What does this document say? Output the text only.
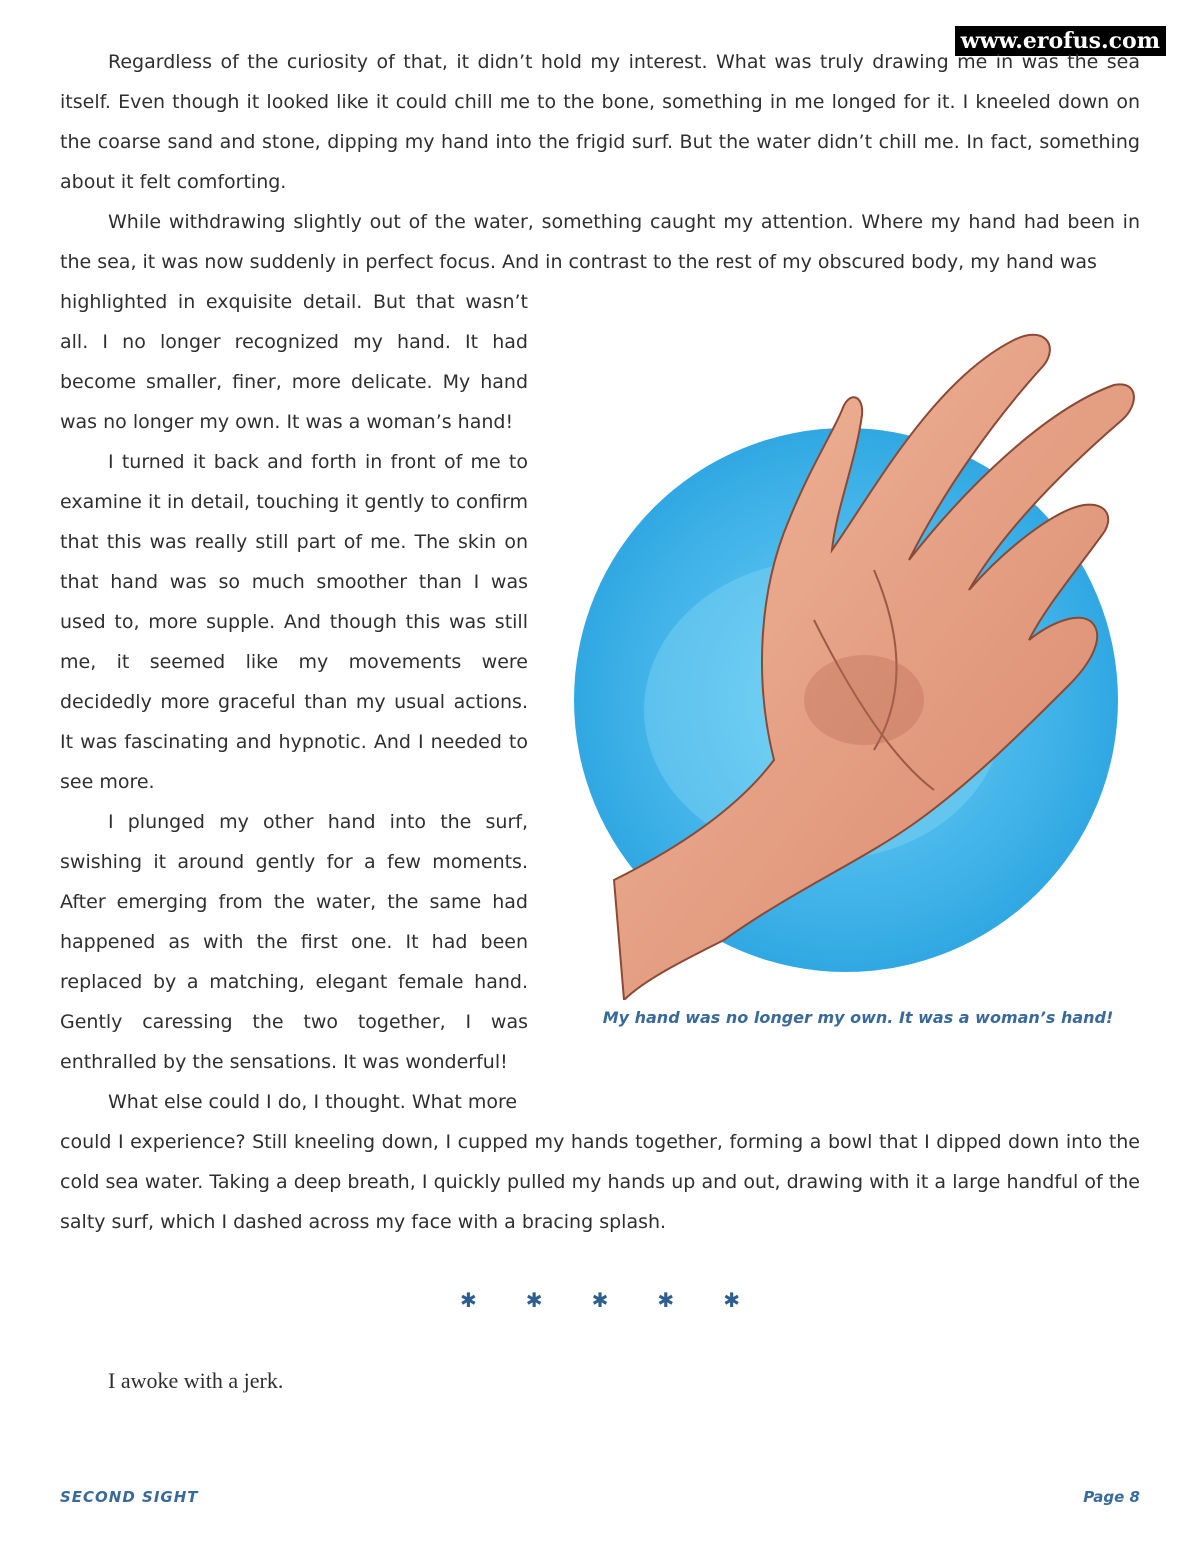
www.erofus.com

Regardless of the curiosity of that, it didn’t hold my interest. What was truly drawing me in was the sea itself. Even though it looked like it could chill me to the bone, something in me longed for it. I kneeled down on the coarse sand and stone, dipping my hand into the frigid surf. But the water didn’t chill me. In fact, something about it felt comforting.

While withdrawing slightly out of the water, something caught my attention. Where my hand had been in the sea, it was now suddenly in perfect focus. And in contrast to the rest of my obscured body, my hand was

highlighted in exquisite detail. But that wasn’t all. I no longer recognized my hand. It had become smaller, finer, more delicate. My hand was no longer my own. It was a woman’s hand!

I turned it back and forth in front of me to examine it in detail, touching it gently to confirm that this was really still part of me. The skin on that hand was so much smoother than I was used to, more supple. And though this was still me, it seemed like my movements were decidedly more graceful than my usual actions. It was fascinating and hypnotic. And I needed to see more.

I plunged my other hand into the surf, swishing it around gently for a few moments. After emerging from the water, the same had happened as with the first one. It had been replaced by a matching, elegant female hand. Gently caressing the two together, I was enthralled by the sensations. It was wonderful!

What else could I do, I thought. What more

My hand was no longer my own. It was a woman’s hand!

could I experience? Still kneeling down, I cupped my hands together, forming a bowl that I dipped down into the cold sea water. Taking a deep breath, I quickly pulled my hands up and out, drawing with it a large handful of the salty surf, which I dashed across my face with a bracing splash.

✱ ✱ ✱ ✱ ✱
I awoke with a jerk.
SECOND SIGHT	Page 8
